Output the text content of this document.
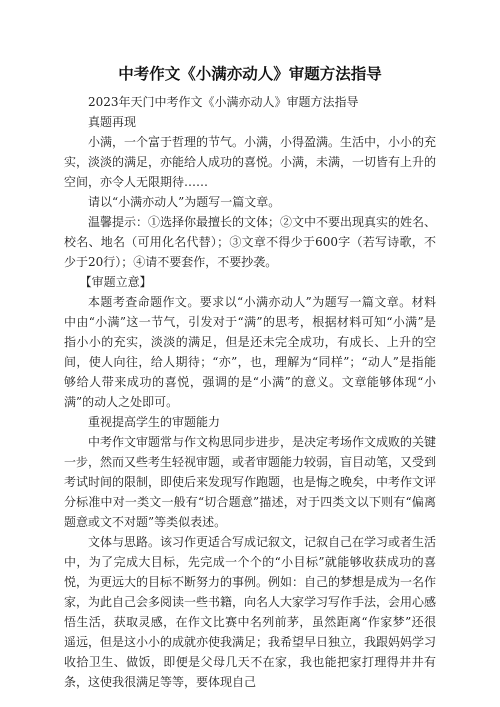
中考作文《小满亦动人》审题方法指导

2023年天门中考作文《小满亦动人》审题方法指导

真题再现

小满，一个富于哲理的节气。小满，小得盈满。生活中，小小的充实，淡淡的满足，亦能给人成功的喜悦。小满，未满，一切皆有上升的空间，亦令人无限期待……

请以“小满亦动人”为题写一篇文章。

温馨提示：①选择你最擅长的文体；②文中不要出现真实的姓名、校名、地名（可用化名代替）；③文章不得少于600字（若写诗歌，不少于20行）；④请不要套作，不要抄袭。

【审题立意】

本题考查命题作文。要求以“小满亦动人”为题写一篇文章。材料中由“小满”这一节气，引发对于“满”的思考，根据材料可知“小满”是指小小的充实，淡淡的满足，但是还未完全成功，有成长、上升的空间，使人向往，给人期待；“亦”，也，理解为“同样”；“动人”是指能够给人带来成功的喜悦，强调的是“小满”的意义。文章能够体现“小满”的动人之处即可。

重视提高学生的审题能力

中考作文审题常与作文构思同步进步，是决定考场作文成败的关键一步，然而又些考生轻视审题，或者审题能力较弱，盲目动笔，又受到考试时间的限制，即使后来发现写作跑题，也是悔之晚矣，中考作文评分标准中对一类文一般有“切合题意”描述，对于四类文以下则有“偏离题意或文不对题”等类似表述。

文体与思路。该习作更适合写成记叙文，记叙自己在学习或者生活中，为了完成大目标，先完成一个个的“小目标”就能够收获成功的喜悦，为更远大的目标不断努力的事例。例如：自己的梦想是成为一名作家，为此自己会多阅读一些书籍，向名人大家学习写作手法，会用心感悟生活，获取灵感，在作文比赛中名列前茅，虽然距离“作家梦”还很遥远，但是这小小的成就亦使我满足；我希望早日独立，我跟妈妈学习收拾卫生、做饭，即便是父母几天不在家，我也能把家打理得井井有条，这使我很满足等等，要体现自己
